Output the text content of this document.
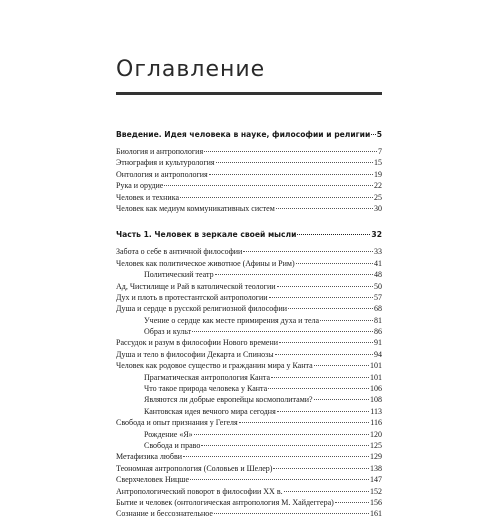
Оглавление
Введение. Идея человека в науке, философии и религии 5
Биология и антропология	7
Этнография и культурология	15
Онтология и антропология	19
Рука и орудие	22
Человек и техника	25
Человек как медиум коммуникативных систем	30
Часть 1. Человек в зеркале своей мысли	32
Забота о себе в античной философии	33
Человек как политическое животное (Афины и Рим)	41
Политический театр	48
Ад, Чистилище и Рай в католической теологии	50
Дух и плоть в протестантской антропологии	57
Душа и сердце в русской религиозной философии	68
Учение о сердце как месте примирения духа и тела	81
Образ и культ	86
Рассудок и разум в философии Нового времени	91
Душа и тело в философии Декарта и Спинозы	94
Человек как родовое существо и гражданин мира у Канта	101
Прагматическая антропология Канта	101
Что такое природа человека у Канта	106
Являются ли добрые европейцы космополитами?	108
Кантовская идея вечного мира сегодня	113
Свобода и опыт признания у Гегеля	116
Рождение «Я»	120
Свобода и право	125
Метафизика любви	129
Теономная антропология (Соловьев и Шелер)	138
Сверхчеловек Ницше	147
Антропологический поворот в философии XX в.	152
Бытие и человек (онтологическая антропология М. Хайдеггера)	156
Сознание и бессознательное	161
